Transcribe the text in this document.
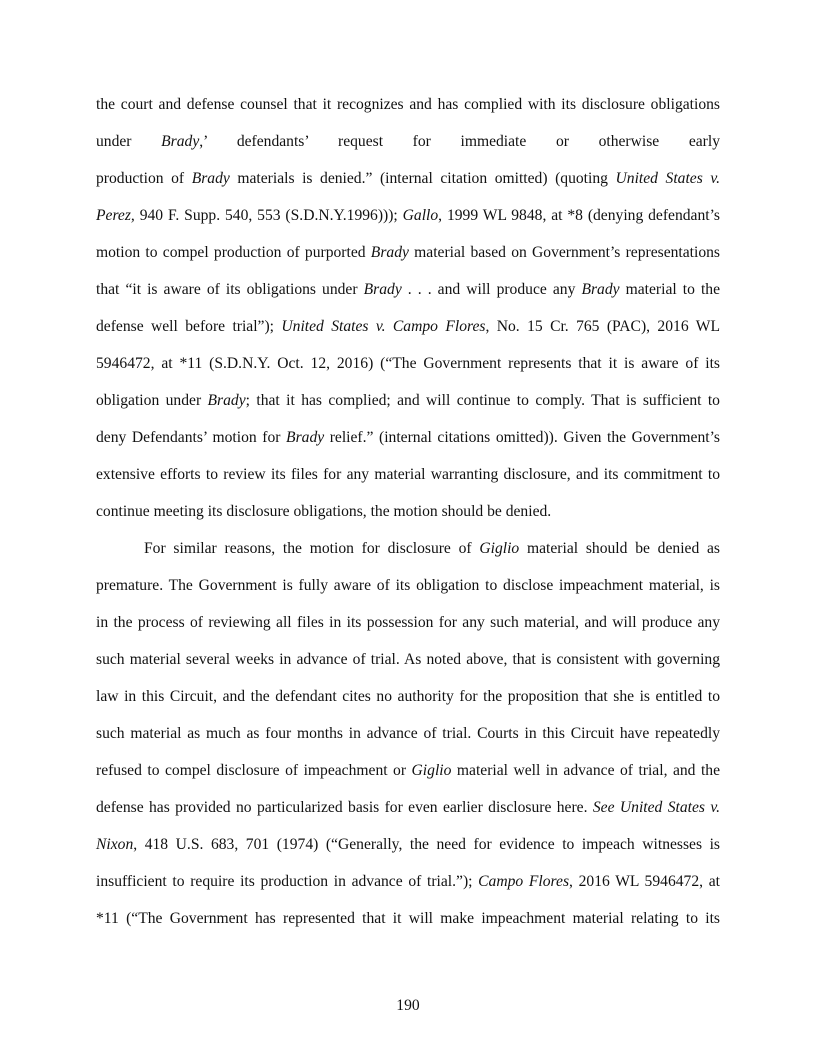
the court and defense counsel that it recognizes and has complied with its disclosure obligations
under Brady,’ defendants’ request for immediate or otherwise early
production of Brady materials is denied.” (internal citation omitted) (quoting United States v.
Perez, 940 F. Supp. 540, 553 (S.D.N.Y.1996))); Gallo, 1999 WL 9848, at *8 (denying defendant’s
motion to compel production of purported Brady material based on Government’s representations
that “it is aware of its obligations under Brady . . . and will produce any Brady material to the
defense well before trial”); United States v. Campo Flores, No. 15 Cr. 765 (PAC), 2016 WL
5946472, at *11 (S.D.N.Y. Oct. 12, 2016) (“The Government represents that it is aware of its
obligation under Brady; that it has complied; and will continue to comply. That is sufficient to
deny Defendants’ motion for Brady relief.” (internal citations omitted)). Given the Government’s
extensive efforts to review its files for any material warranting disclosure, and its commitment to
continue meeting its disclosure obligations, the motion should be denied.
For similar reasons, the motion for disclosure of Giglio material should be denied as
premature. The Government is fully aware of its obligation to disclose impeachment material, is
in the process of reviewing all files in its possession for any such material, and will produce any
such material several weeks in advance of trial. As noted above, that is consistent with governing
law in this Circuit, and the defendant cites no authority for the proposition that she is entitled to
such material as much as four months in advance of trial. Courts in this Circuit have repeatedly
refused to compel disclosure of impeachment or Giglio material well in advance of trial, and the
defense has provided no particularized basis for even earlier disclosure here. See United States v.
Nixon, 418 U.S. 683, 701 (1974) (“Generally, the need for evidence to impeach witnesses is
insufficient to require its production in advance of trial.”); Campo Flores, 2016 WL 5946472, at
*11 (“The Government has represented that it will make impeachment material relating to its
190
